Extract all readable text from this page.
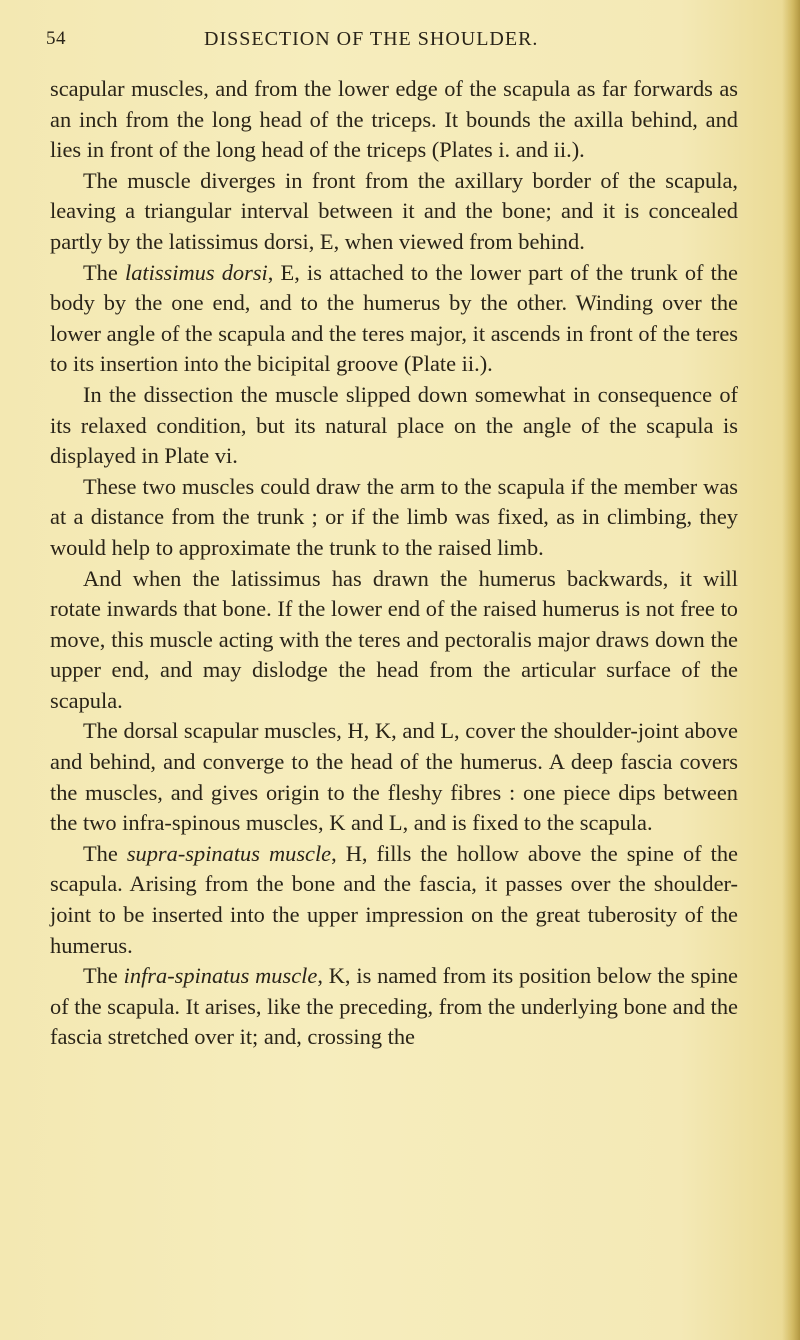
54	DISSECTION OF THE SHOULDER.

scapular muscles, and from the lower edge of the scapula as far forwards as an inch from the long head of the triceps. It bounds the axilla behind, and lies in front of the long head of the triceps (Plates i. and ii.).

The muscle diverges in front from the axillary border of the scapula, leaving a triangular interval between it and the bone; and it is concealed partly by the latissimus dorsi, E, when viewed from behind.

The latissimus dorsi, E, is attached to the lower part of the trunk of the body by the one end, and to the humerus by the other. Winding over the lower angle of the scapula and the teres major, it ascends in front of the teres to its insertion into the bicipital groove (Plate ii.).

In the dissection the muscle slipped down somewhat in consequence of its relaxed condition, but its natural place on the angle of the scapula is displayed in Plate vi.

These two muscles could draw the arm to the scapula if the member was at a distance from the trunk ; or if the limb was fixed, as in climbing, they would help to approximate the trunk to the raised limb.

And when the latissimus has drawn the humerus backwards, it will rotate inwards that bone. If the lower end of the raised humerus is not free to move, this muscle acting with the teres and pectoralis major draws down the upper end, and may dislodge the head from the articular surface of the scapula.

The dorsal scapular muscles, H, K, and L, cover the shoulder-joint above and behind, and converge to the head of the humerus. A deep fascia covers the muscles, and gives origin to the fleshy fibres : one piece dips between the two infra-spinous muscles, K and L, and is fixed to the scapula.

The supra-spinatus muscle, H, fills the hollow above the spine of the scapula. Arising from the bone and the fascia, it passes over the shoulder-joint to be inserted into the upper impression on the great tuberosity of the humerus.

The infra-spinatus muscle, K, is named from its position below the spine of the scapula. It arises, like the preceding, from the underlying bone and the fascia stretched over it; and, crossing the
